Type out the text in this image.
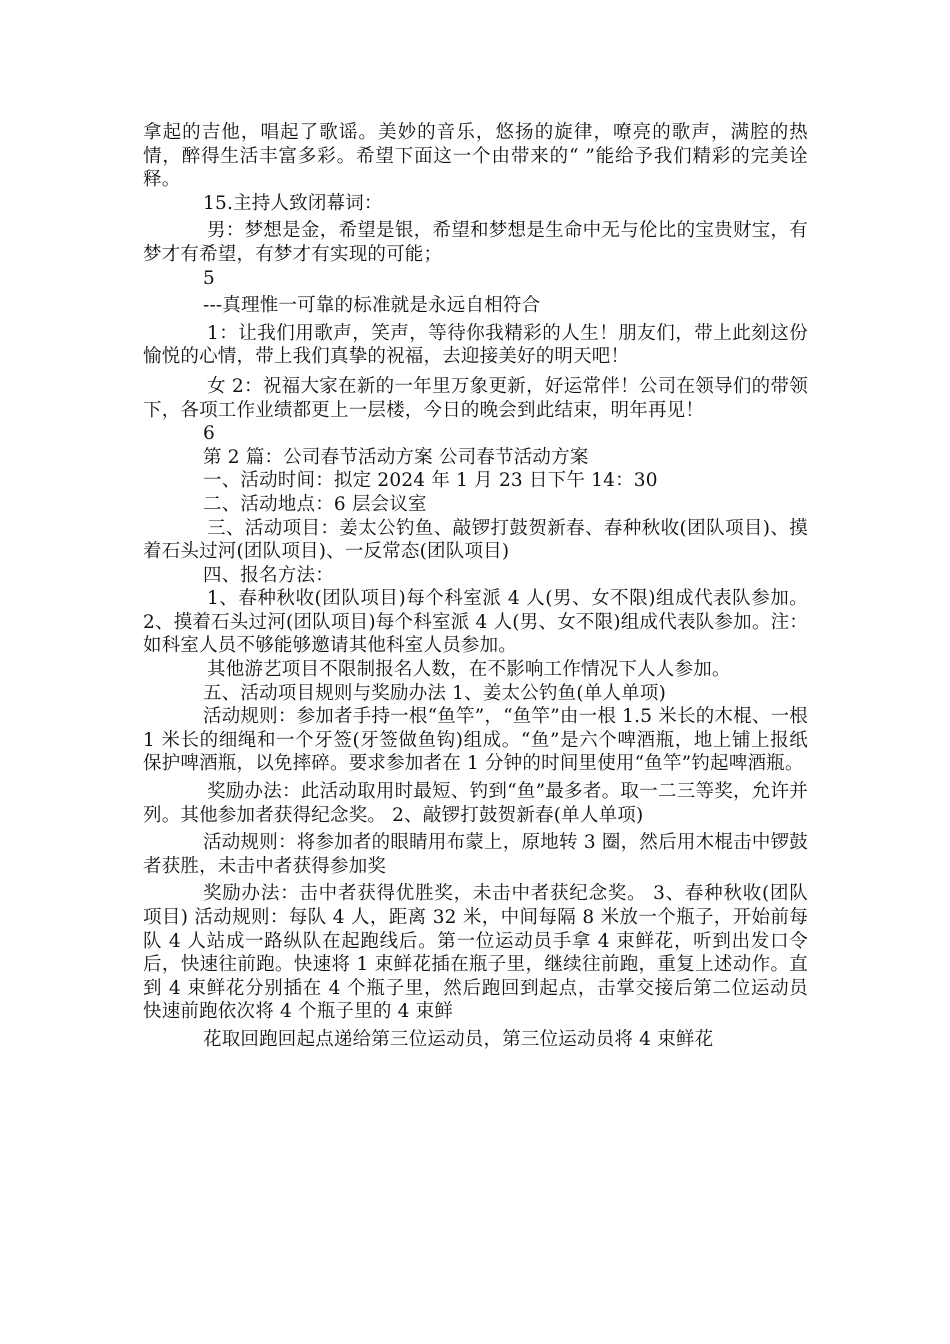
拿起的吉他，唱起了歌谣。美妙的音乐，悠扬的旋律，嘹亮的歌声，满腔的热情，醉得生活丰富多彩。希望下面这一个由带来的“ ”能给予我们精彩的完美诠释。

15.主持人致闭幕词：

男：梦想是金，希望是银，希望和梦想是生命中无与伦比的宝贵财宝，有梦才有希望，有梦才有实现的可能；

5

---真理惟一可靠的标准就是永远自相符合

1：让我们用歌声，笑声，等待你我精彩的人生！朋友们，带上此刻这份愉悦的心情，带上我们真挚的祝福，去迎接美好的明天吧！

女 2：祝福大家在新的一年里万象更新，好运常伴！公司在领导们的带领下，各项工作业绩都更上一层楼，今日的晚会到此结束，明年再见！

6

第 2 篇：公司春节活动方案 公司春节活动方案

一、活动时间：拟定 2024 年 1 月 23 日下午 14：30

二、活动地点：6 层会议室

三、活动项目：姜太公钓鱼、敲锣打鼓贺新春、春种秋收(团队项目)、摸着石头过河(团队项目)、一反常态(团队项目)

四、报名方法：

1、春种秋收(团队项目)每个科室派 4 人(男、女不限)组成代表队参加。2、摸着石头过河(团队项目)每个科室派 4 人(男、女不限)组成代表队参加。注：如科室人员不够能够邀请其他科室人员参加。

其他游艺项目不限制报名人数，在不影响工作情况下人人参加。

五、活动项目规则与奖励办法 1、姜太公钓鱼(单人单项)

活动规则：参加者手持一根“鱼竿”，“鱼竿”由一根 1.5 米长的木棍、一根 1 米长的细绳和一个牙签(牙签做鱼钩)组成。“鱼”是六个啤酒瓶，地上铺上报纸保护啤酒瓶，以免摔碎。要求参加者在 1 分钟的时间里使用“鱼竿”钓起啤酒瓶。

奖励办法：此活动取用时最短、钓到“鱼”最多者。取一二三等奖，允许并列。其他参加者获得纪念奖。 2、敲锣打鼓贺新春(单人单项)

活动规则：将参加者的眼睛用布蒙上，原地转 3 圈，然后用木棍击中锣鼓者获胜，未击中者获得参加奖

奖励办法：击中者获得优胜奖，未击中者获纪念奖。 3、春种秋收(团队项目) 活动规则：每队 4 人，距离 32 米，中间每隔 8 米放一个瓶子，开始前每队 4 人站成一路纵队在起跑线后。第一位运动员手拿 4 束鲜花，听到出发口令后，快速往前跑。快速将 1 束鲜花插在瓶子里，继续往前跑，重复上述动作。直到 4 束鲜花分别插在 4 个瓶子里，然后跑回到起点，击掌交接后第二位运动员快速前跑依次将 4 个瓶子里的 4 束鲜

花取回跑回起点递给第三位运动员，第三位运动员将 4 束鲜花
